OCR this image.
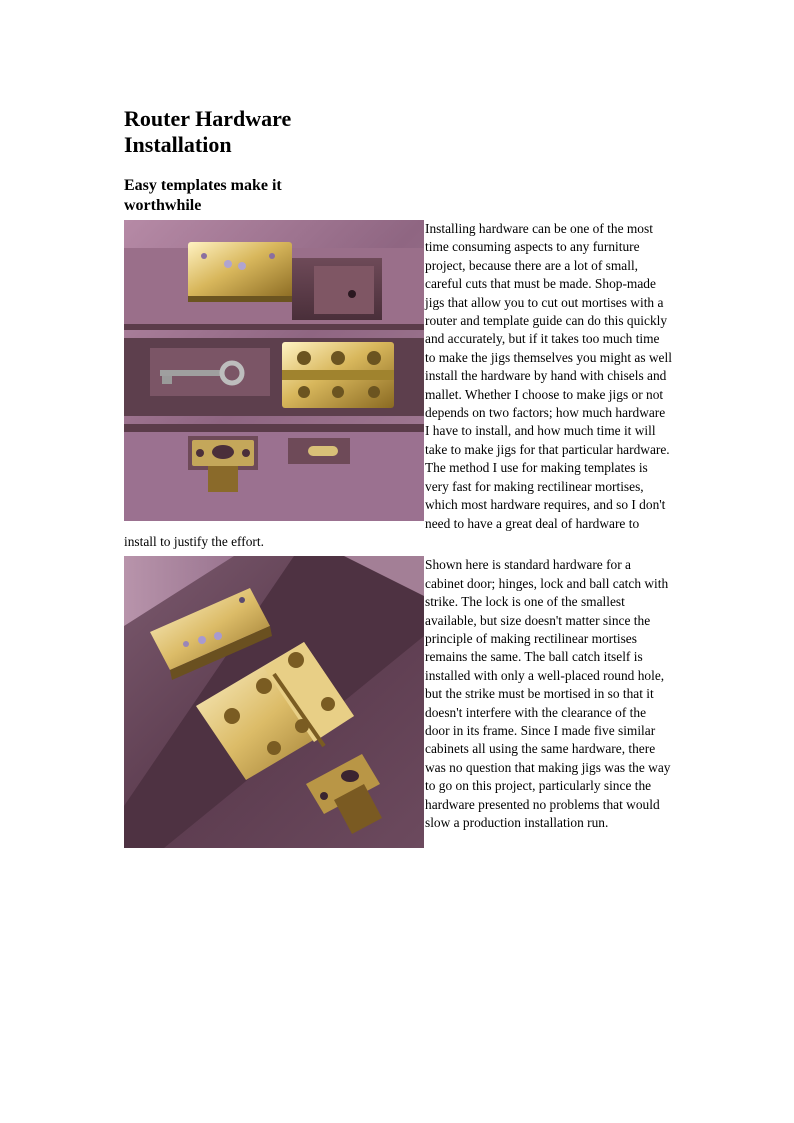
Router Hardware
Installation
Easy templates make it
worthwhile

Installing hardware can be one of the most time consuming aspects to any furniture project, because there are a lot of small, careful cuts that must be made. Shop-made jigs that allow you to cut out mortises with a router and template guide can do this quickly and accurately, but if it takes too much time to make the jigs themselves you might as well install the hardware by hand with chisels and mallet. Whether I choose to make jigs or not depends on two factors; how much hardware I have to install, and how much time it will take to make jigs for that particular hardware. The method I use for making templates is very fast for making rectilinear mortises, which most hardware requires, and so I don't need to have a great deal of hardware to install to justify the effort.

Shown here is standard hardware for a cabinet door; hinges, lock and ball catch with strike. The lock is one of the smallest available, but size doesn't matter since the principle of making rectilinear mortises remains the same. The ball catch itself is installed with only a well-placed round hole, but the strike must be mortised in so that it doesn't interfere with the clearance of the door in its frame. Since I made five similar cabinets all using the same hardware, there was no question that making jigs was the way to go on this project, particularly since the hardware presented no problems that would slow a production installation run.
